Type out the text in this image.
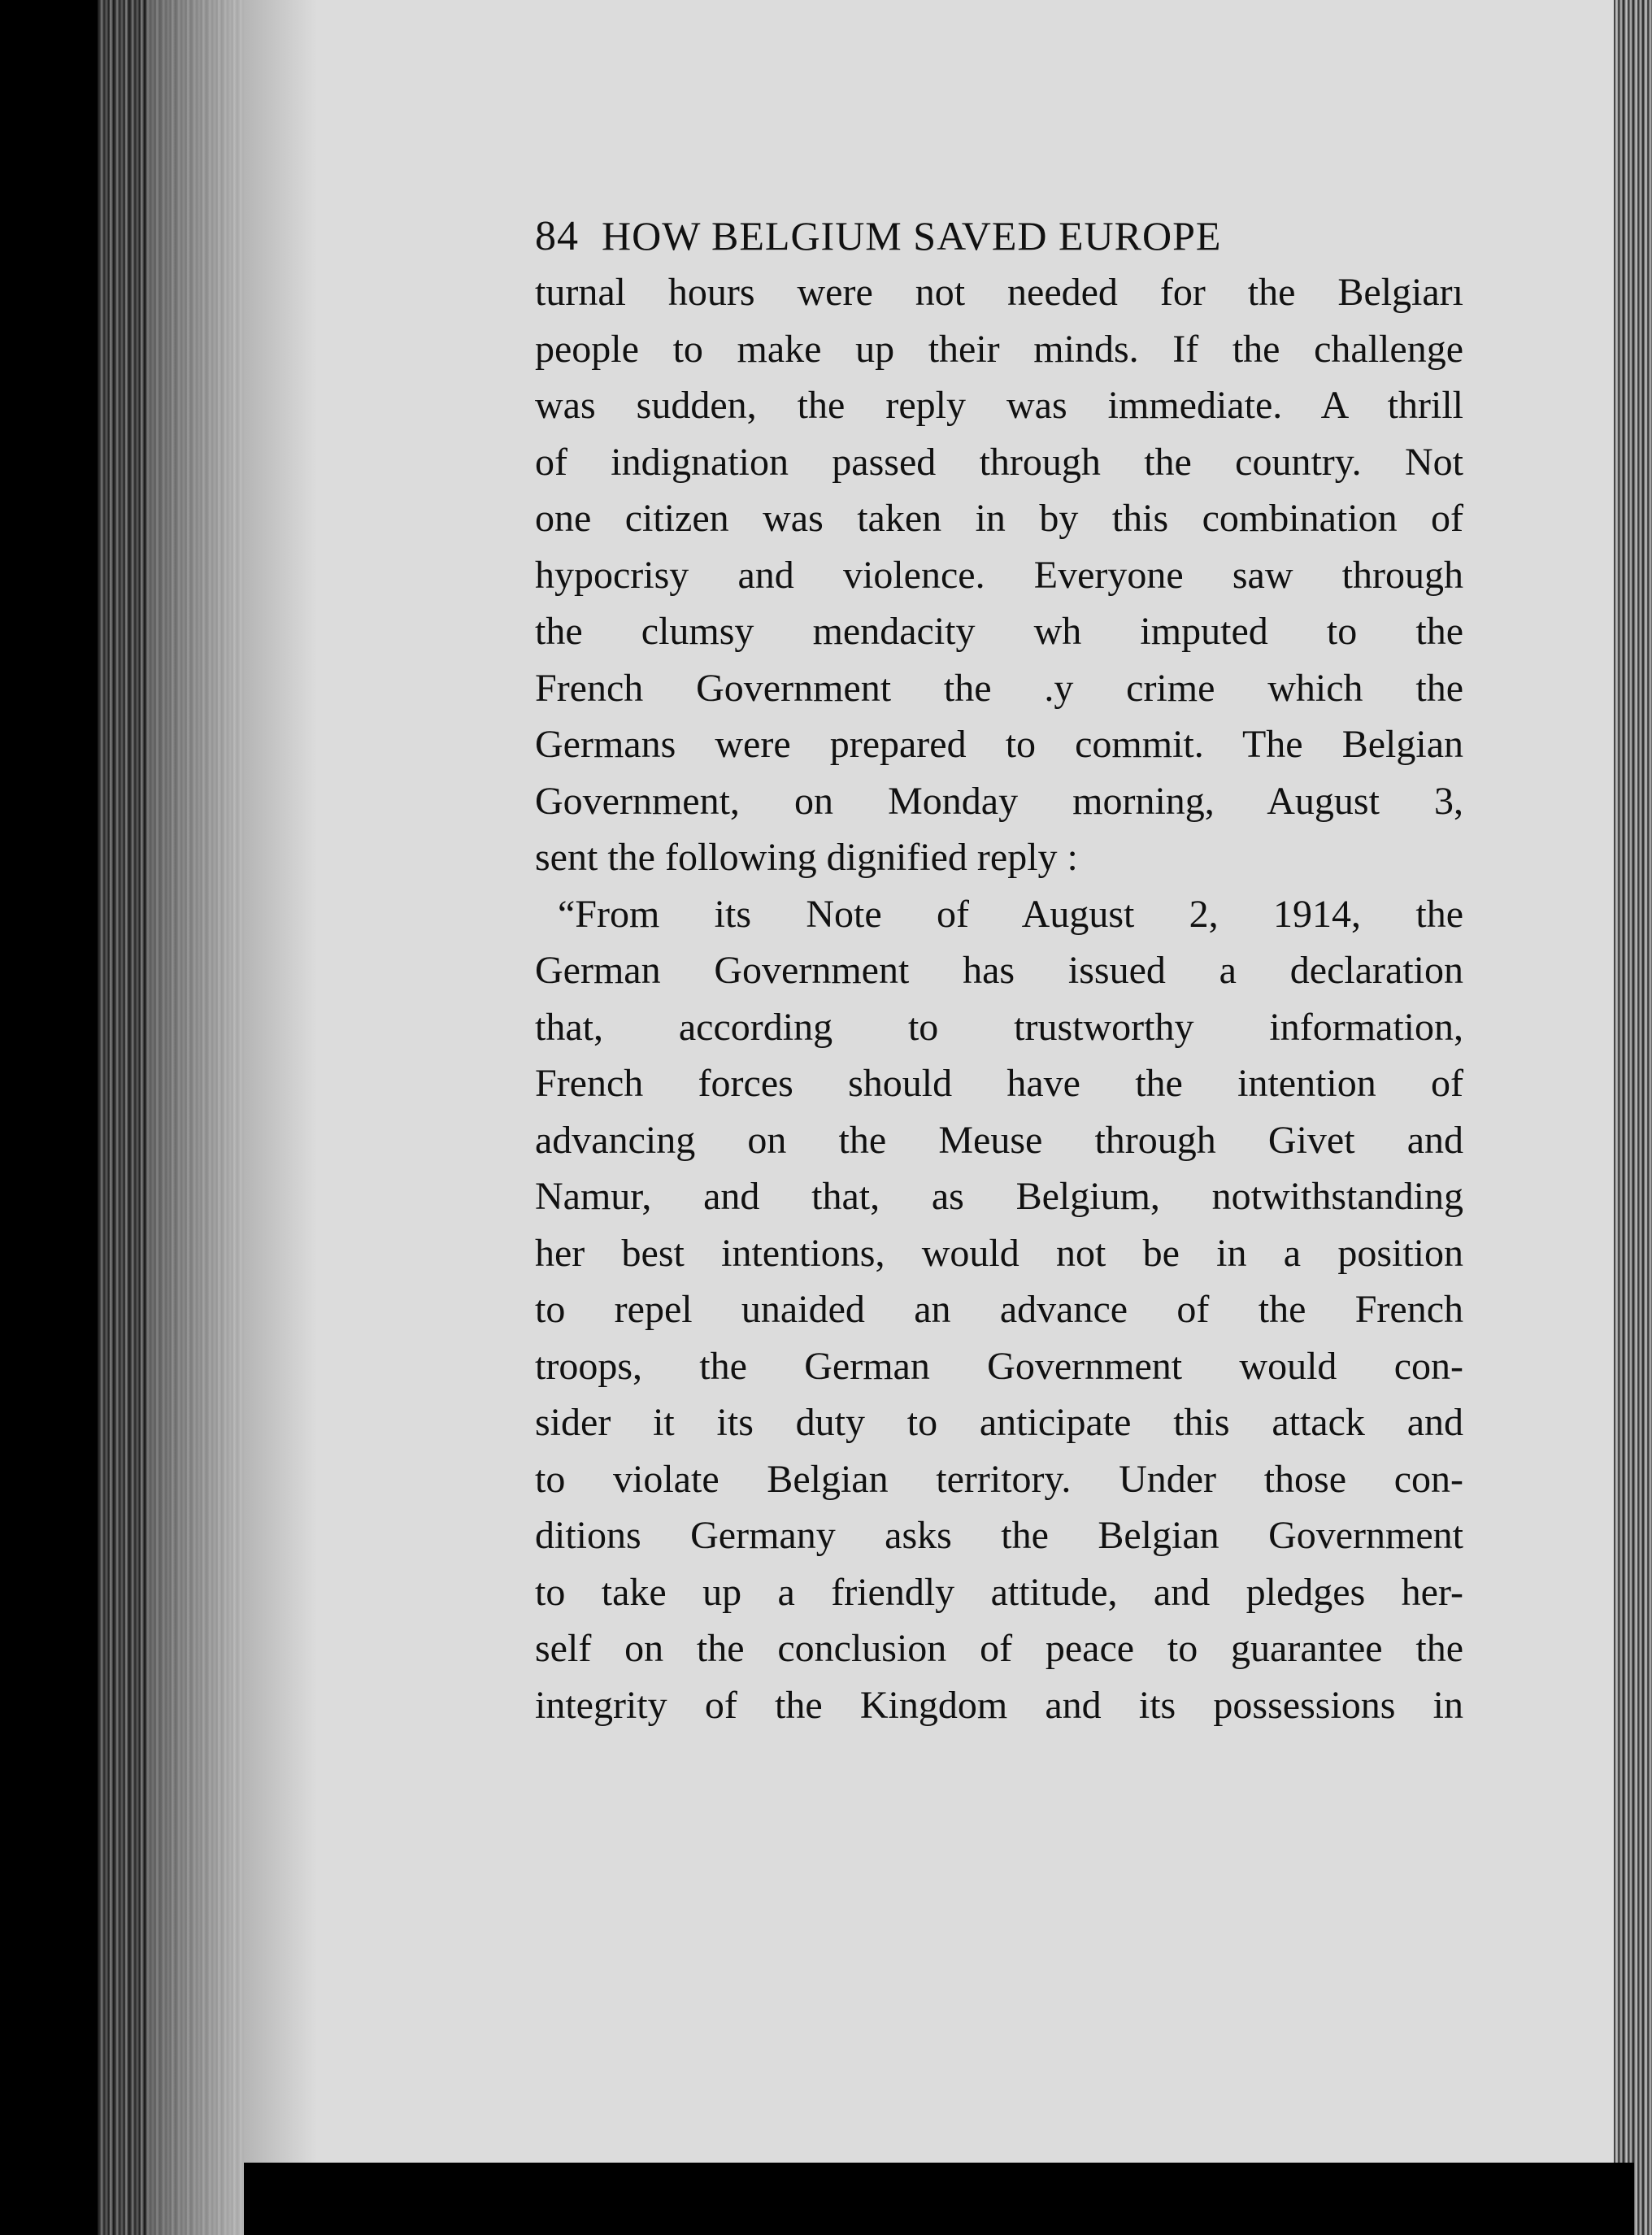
84 HOW BELGIUM SAVED EUROPE
turnal hours were not needed for the Belgiarı
people to make up their minds. If the challenge
was sudden, the reply was immediate. A thrill
of indignation passed through the country. Not
one citizen was taken in by this combination of
hypocrisy and violence. Everyone saw through
the clumsy mendacity wh imputed to the
French Government the .y crime which the
Germans were prepared to commit. The Belgian
Government, on Monday morning, August 3,
sent the following dignified reply :
“From its Note of August 2, 1914, the
German Government has issued a declaration
that, according to trustworthy information,
French forces should have the intention of
advancing on the Meuse through Givet and
Namur, and that, as Belgium, notwithstanding
her best intentions, would not be in a position
to repel unaided an advance of the French
troops, the German Government would con-
sider it its duty to anticipate this attack and
to violate Belgian territory. Under those con-
ditions Germany asks the Belgian Government
to take up a friendly attitude, and pledges her-
self on the conclusion of peace to guarantee the
integrity of the Kingdom and its possessions in
